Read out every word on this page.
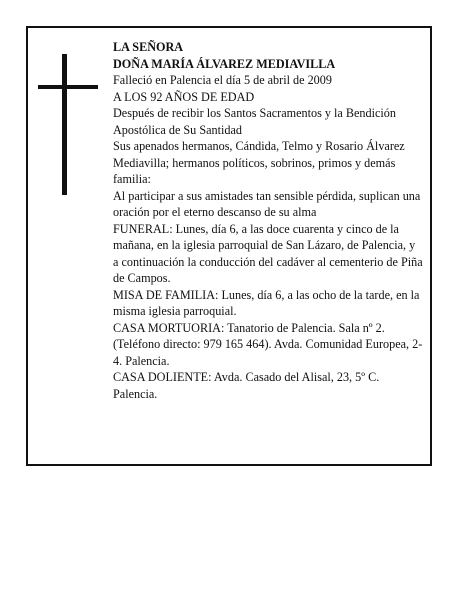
LA SEÑORA
DOÑA MARÍA ÁLVAREZ MEDIAVILLA
Falleció en Palencia el día 5 de abril de 2009
A LOS 92 AÑOS DE EDAD
Después de recibir los Santos Sacramentos y la Bendición Apostólica de Su Santidad
Sus apenados hermanos, Cándida, Telmo y Rosario Álvarez Mediavilla; hermanos políticos, sobrinos, primos y demás familia:
Al participar a sus amistades tan sensible pérdida, suplican una oración por el eterno descanso de su alma
FUNERAL: Lunes, día 6, a las doce cuarenta y cinco de la mañana, en la iglesia parroquial de San Lázaro, de Palencia, y a continuación la conducción del cadáver al cementerio de Piña de Campos.
MISA DE FAMILIA: Lunes, día 6, a las ocho de la tarde, en la misma iglesia parroquial.
CASA MORTUORIA: Tanatorio de Palencia. Sala nº 2. (Teléfono directo: 979 165 464). Avda. Comunidad Europea, 2-4. Palencia.
CASA DOLIENTE: Avda. Casado del Alisal, 23, 5º C. Palencia.
